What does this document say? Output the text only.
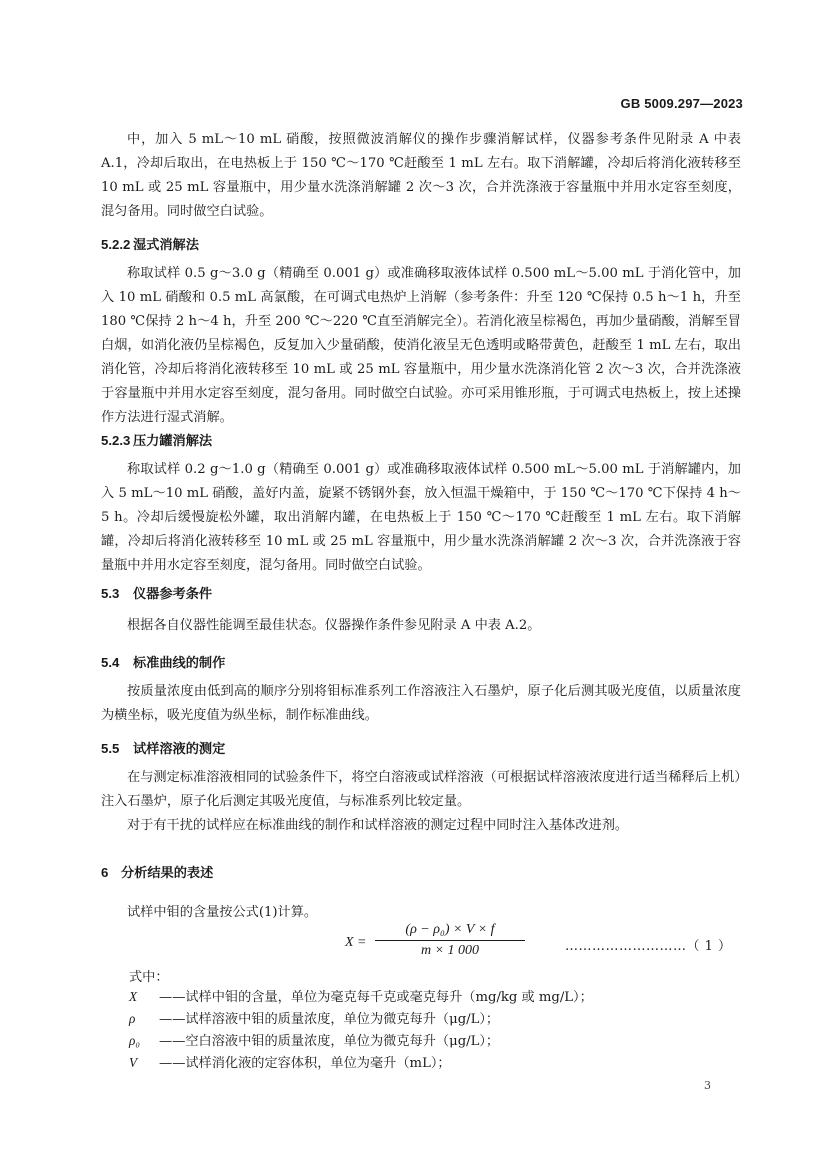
GB 5009.297—2023

中，加入 5 mL～10 mL 硝酸，按照微波消解仪的操作步骤消解试样，仪器参考条件见附录 A 中表 A.1，冷却后取出，在电热板上于 150 ℃～170 ℃赶酸至 1 mL 左右。取下消解罐，冷却后将消化液转移至 10 mL 或 25 mL 容量瓶中，用少量水洗涤消解罐 2 次～3 次，合并洗涤液于容量瓶中并用水定容至刻度，混匀备用。同时做空白试验。

5.2.2 湿式消解法

称取试样 0.5 g～3.0 g（精确至 0.001 g）或准确移取液体试样 0.500 mL～5.00 mL 于消化管中，加入 10 mL 硝酸和 0.5 mL 高氯酸，在可调式电热炉上消解（参考条件：升至 120 ℃保持 0.5 h～1 h，升至 180 ℃保持 2 h～4 h，升至 200 ℃～220 ℃直至消解完全）。若消化液呈棕褐色，再加少量硝酸，消解至冒白烟，如消化液仍呈棕褐色，反复加入少量硝酸，使消化液呈无色透明或略带黄色，赶酸至 1 mL 左右，取出消化管，冷却后将消化液转移至 10 mL 或 25 mL 容量瓶中，用少量水洗涤消化管 2 次～3 次，合并洗涤液于容量瓶中并用水定容至刻度，混匀备用。同时做空白试验。亦可采用锥形瓶，于可调式电热板上，按上述操作方法进行湿式消解。

5.2.3 压力罐消解法

称取试样 0.2 g～1.0 g（精确至 0.001 g）或准确移取液体试样 0.500 mL～5.00 mL 于消解罐内，加入 5 mL～10 mL 硝酸，盖好内盖，旋紧不锈钢外套，放入恒温干燥箱中，于 150 ℃～170 ℃下保持 4 h～5 h。冷却后缓慢旋松外罐，取出消解内罐，在电热板上于 150 ℃～170 ℃赶酸至 1 mL 左右。取下消解罐，冷却后将消化液转移至 10 mL 或 25 mL 容量瓶中，用少量水洗涤消解罐 2 次～3 次，合并洗涤液于容量瓶中并用水定容至刻度，混匀备用。同时做空白试验。

5.3 仪器参考条件

根据各自仪器性能调至最佳状态。仪器操作条件参见附录 A 中表 A.2。

5.4 标准曲线的制作

按质量浓度由低到高的顺序分别将钼标准系列工作溶液注入石墨炉，原子化后测其吸光度值，以质量浓度为横坐标，吸光度值为纵坐标，制作标准曲线。

5.5 试样溶液的测定

在与测定标准溶液相同的试验条件下，将空白溶液或试样溶液（可根据试样溶液浓度进行适当稀释后上机）注入石墨炉，原子化后测定其吸光度值，与标准系列比较定量。

对于有干扰的试样应在标准曲线的制作和试样溶液的测定过程中同时注入基体改进剂。

6 分析结果的表述

试样中钼的含量按公式(1)计算。

$X = \frac{\text{(ρ − ρ₀) × V × f}}{m \times 1 000}$	………………………（ 1 ）
式中：
X ——试样中钼的含量，单位为毫克每千克或毫克每升（mg/kg 或 mg/L）；
ρ ——试样溶液中钼的质量浓度，单位为微克每升（μg/L）；
ρ₀ ——空白溶液中钼的质量浓度，单位为微克每升（μg/L）；
V ——试样消化液的定容体积，单位为毫升（mL）；
3
